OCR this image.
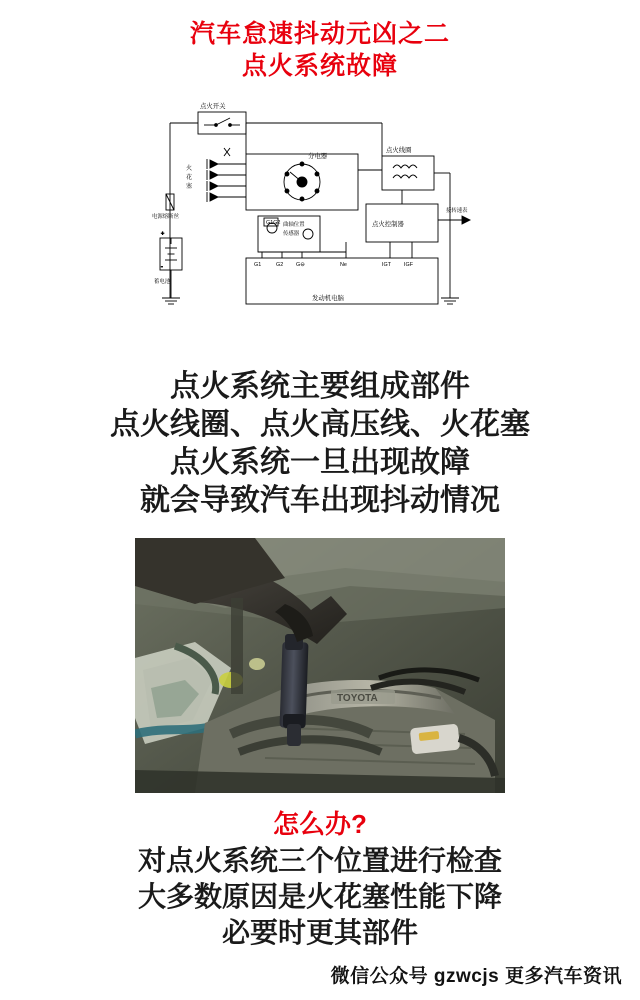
汽车怠速抖动元凶之二
点火系统故障
+
-
点火开关
点火线圈
分电器
火
花
塞
电源熔断丝
蓄电池
曲轴位置
传感器
G1G2	点火控制器
接转速表
G1	G2 G⊖	Ne	IGT IGF
发动机电脑
点火系统主要组成部件
点火线圈、点火高压线、火花塞
点火系统一旦出现故障
就会导致汽车出现抖动情况
TOYOTA
怎么办?
对点火系统三个位置进行检查
大多数原因是火花塞性能下降
必要时更其部件
微信公众号 gzwcjs 更多汽车资讯
